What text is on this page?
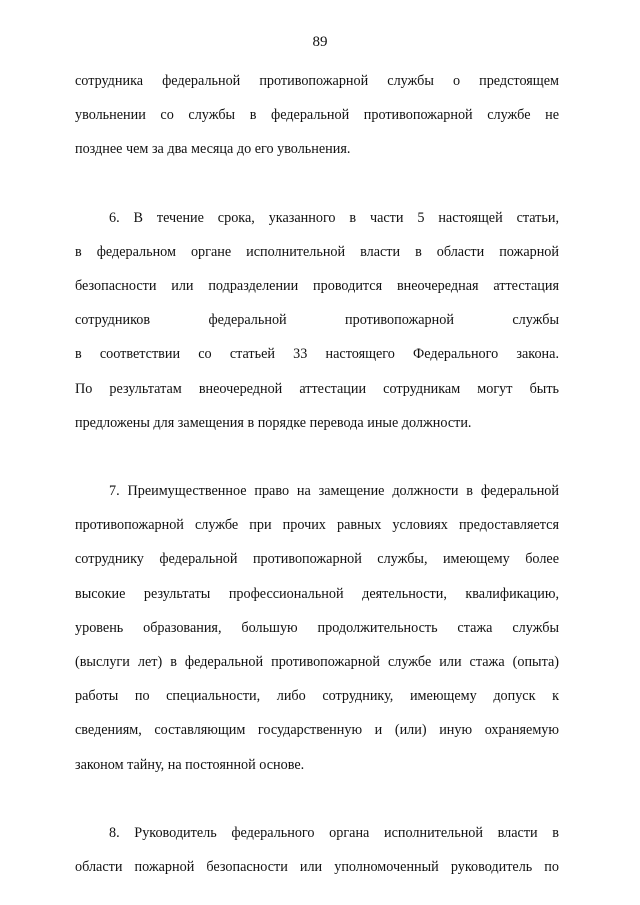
89
сотрудника федеральной противопожарной службы о предстоящем
увольнении со службы в федеральной противопожарной службе не
позднее чем за два месяца до его увольнения.
6. В течение срока, указанного в части 5 настоящей статьи,
в федеральном органе исполнительной власти в области пожарной
безопасности или подразделении проводится внеочередная аттестация
сотрудников федеральной противопожарной службы
в соответствии со статьей 33 настоящего Федерального закона.
По результатам внеочередной аттестации сотрудникам могут быть
предложены для замещения в порядке перевода иные должности.
7. Преимущественное право на замещение должности в федеральной
противопожарной службе при прочих равных условиях предоставляется
сотруднику федеральной противопожарной службы, имеющему более
высокие результаты профессиональной деятельности, квалификацию,
уровень образования, большую продолжительность стажа службы
(выслуги лет) в федеральной противопожарной службе или стажа (опыта)
работы по специальности, либо сотруднику, имеющему допуск к
сведениям, составляющим государственную и (или) иную охраняемую
законом тайну, на постоянной основе.
8. Руководитель федерального органа исполнительной власти в
области пожарной безопасности или уполномоченный руководитель по
